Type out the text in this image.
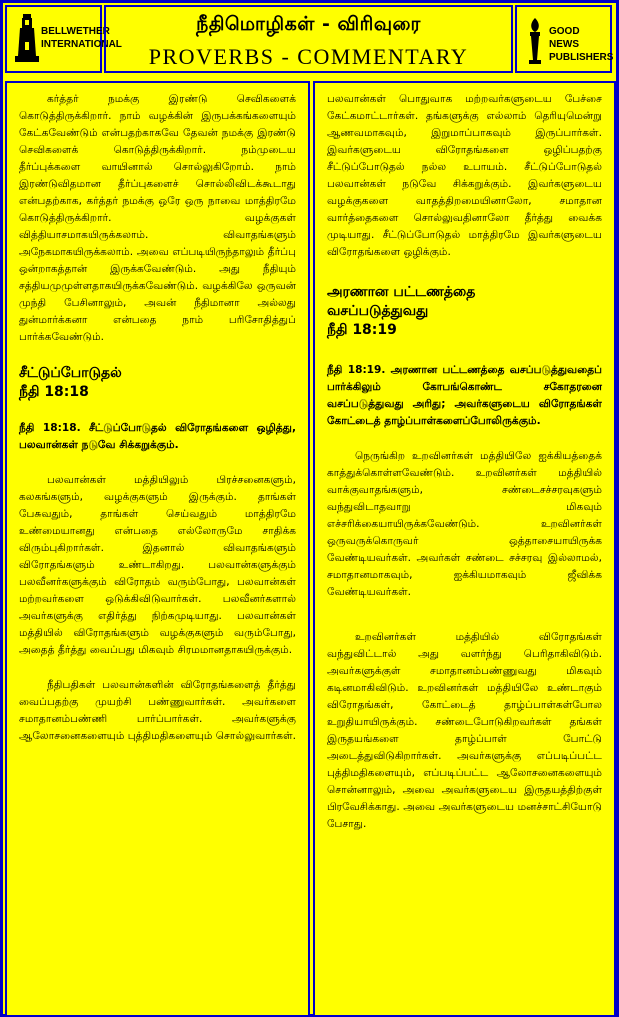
BELLWETHER
INTERNATIONAL
நீதிமொழிகள் - விரிவுரை
PROVERBS - COMMENTARY
GOOD NEWS
PUBLISHERS

கர்த்தர் நமக்கு இரண்டு செவிகளைக் கொடுத்திருக்கிறார். நாம் வழக்கின் இருபக்கங்களையும் கேட்கவேண்டும் என்பதற்காகவே தேவன் நமக்கு இரண்டு செவிகளைக் கொடுத்திருக்கிறார். நம்முடைய தீர்ப்புக்களை வாயினால் சொல்லுகிறோம். நாம் இரண்டுவிதமான தீர்ப்புகளைச் சொல்லிவிடக்கூடாது என்பதற்காக, கர்த்தர் நமக்கு ஒரே ஒரு நாவை மாத்திரமே கொடுத்திருக்கிறார். வழக்குகள் வித்தியாசமாகயிருக்கலாம். விவாதங்களும் அநேகமாகயிருக்கலாம். அவை எப்படியிருந்தாலும் தீர்ப்பு ஒன்றாகத்தான் இருக்கவேண்டும். அது நீதியும் சத்தியமுமுள்ளதாகயிருக்கவேண்டும். வழக்கிலே ஒருவன் முந்தி பேசினாலும், அவன் நீதிமானா அல்லது துன்மார்க்கனா என்பதை நாம் பரிசோதித்துப் பார்க்கவேண்டும்.

சீட்டுப்போடுதல்

நீதி 18:18

நீதி 18:18. சீட்டுப்போடுதல் விரோதங்களை ஒழித்து, பலவான்கள் நடுவே சிக்கறுக்கும்.

பலவான்கள் மத்தியிலும் பிரச்சனைகளும், கலகங்களும், வழக்குகளும் இருக்கும். தாங்கள் பேசுவதும், தாங்கள் செய்வதும் மாத்திரமே உண்மையானது என்பதை எல்லோருமே சாதிக்க விரும்புகிறார்கள். இதனால் விவாதங்களும் விரோதங்களும் உண்டாகிறது. பலவான்களுக்கும் பலவீனர்களுக்கும் விரோதம் வரும்போது, பலவான்கள் மற்றவர்களை ஒடுக்கிவிடுவார்கள். பலவீனர்களால் அவர்களுக்கு எதிர்த்து நிற்கமுடியாது. பலவான்கள் மத்தியில் விரோதங்களும் வழக்குகளும் வரும்போது, அதைத் தீர்த்து வைப்பது மிகவும் சிரமமானதாகயிருக்கும்.

நீதிபதிகள் பலவான்களின் விரோதங்களைத் தீர்த்து வைப்பதற்கு முயற்சி பண்ணுவார்கள். அவர்களை சமாதானம்பண்ணி பார்ப்பார்கள். அவர்களுக்கு ஆலோசனைகளையும் புத்திமதிகளையும் சொல்லுவார்கள்.

பலவான்கள் பொதுவாக மற்றவர்களுடைய பேச்சை கேட்கமாட்டார்கள். தங்களுக்கு எல்லாம் தெரியுமென்று ஆணவமாகவும், இறுமாப்பாகவும் இருப்பார்கள். இவர்களுடைய விரோதங்களை ஒழிப்பதற்கு சீட்டுப்போடுதல் நல்ல உபாயம். சீட்டுப்போடுதல் பலவான்கள் நடுவே சிக்கறுக்கும். இவர்களுடைய வழக்குகளை வாதத்திறமையினாலோ, சமாதான வார்த்தைகளை சொல்லுவதினாலோ தீர்த்து வைக்க முடியாது. சீட்டுப்போடுதல் மாத்திரமே இவர்களுடைய விரோதங்களை ஒழிக்கும்.

அரணான பட்டணத்தை

வசப்படுத்துவது

நீதி 18:19

நீதி 18:19. அரணான பட்டணத்தை வசப்படுத்துவதைப் பார்க்கிலும் கோபங்கொண்ட சகோதரனை வசப்படுத்துவது அரிது; அவர்களுடைய விரோதங்கள் கோட்டைத் தாழ்ப்பாள்களைப்போலிருக்கும்.

நெருங்கிற உறவினர்கள் மத்தியிலே ஐக்கியத்தைக் காத்துக்கொள்ளவேண்டும். உறவினர்கள் மத்தியில் வாக்குவாதங்களும், சண்டைசச்சரவுகளும் வந்துவிடாதவாறு மிகவும் எச்சரிக்கையாயிருக்கவேண்டும். உறவினர்கள் ஒருவருக்கொருவர் ஒத்தாசையாயிருக்க வேண்டியவர்கள். அவர்கள் சண்டை சச்சரவு இல்லாமல், சமாதானமாகவும், ஐக்கியமாகவும் ஜீவிக்க வேண்டியவர்கள்.

உறவினர்கள் மத்தியில் விரோதங்கள் வந்துவிட்டால் அது வளர்ந்து பெரிதாகிவிடும். அவர்களுக்குள் சமாதானம்பண்ணுவது மிகவும் கடினமாகிவிடும். உறவினர்கள் மத்தியிலே உண்டாகும் விரோதங்கள், கோட்டைத் தாழ்ப்பாள்கள்போல உறுதியாயிருக்கும். சண்டைபோடுகிறவர்கள் தங்கள் இருதயங்களை தாழ்ப்பாள் போட்டு அடைத்துவிடுகிறார்கள். அவர்களுக்கு எப்படிப்பட்ட புத்திமதிகளையும், எப்படிப்பட்ட ஆலோசனைகளையும் சொன்னாலும், அவை அவர்களுடைய இருதயத்திற்குள் பிரவேசிக்காது. அவை அவர்களுடைய மனச்சாட்சியோடு பேசாது.
